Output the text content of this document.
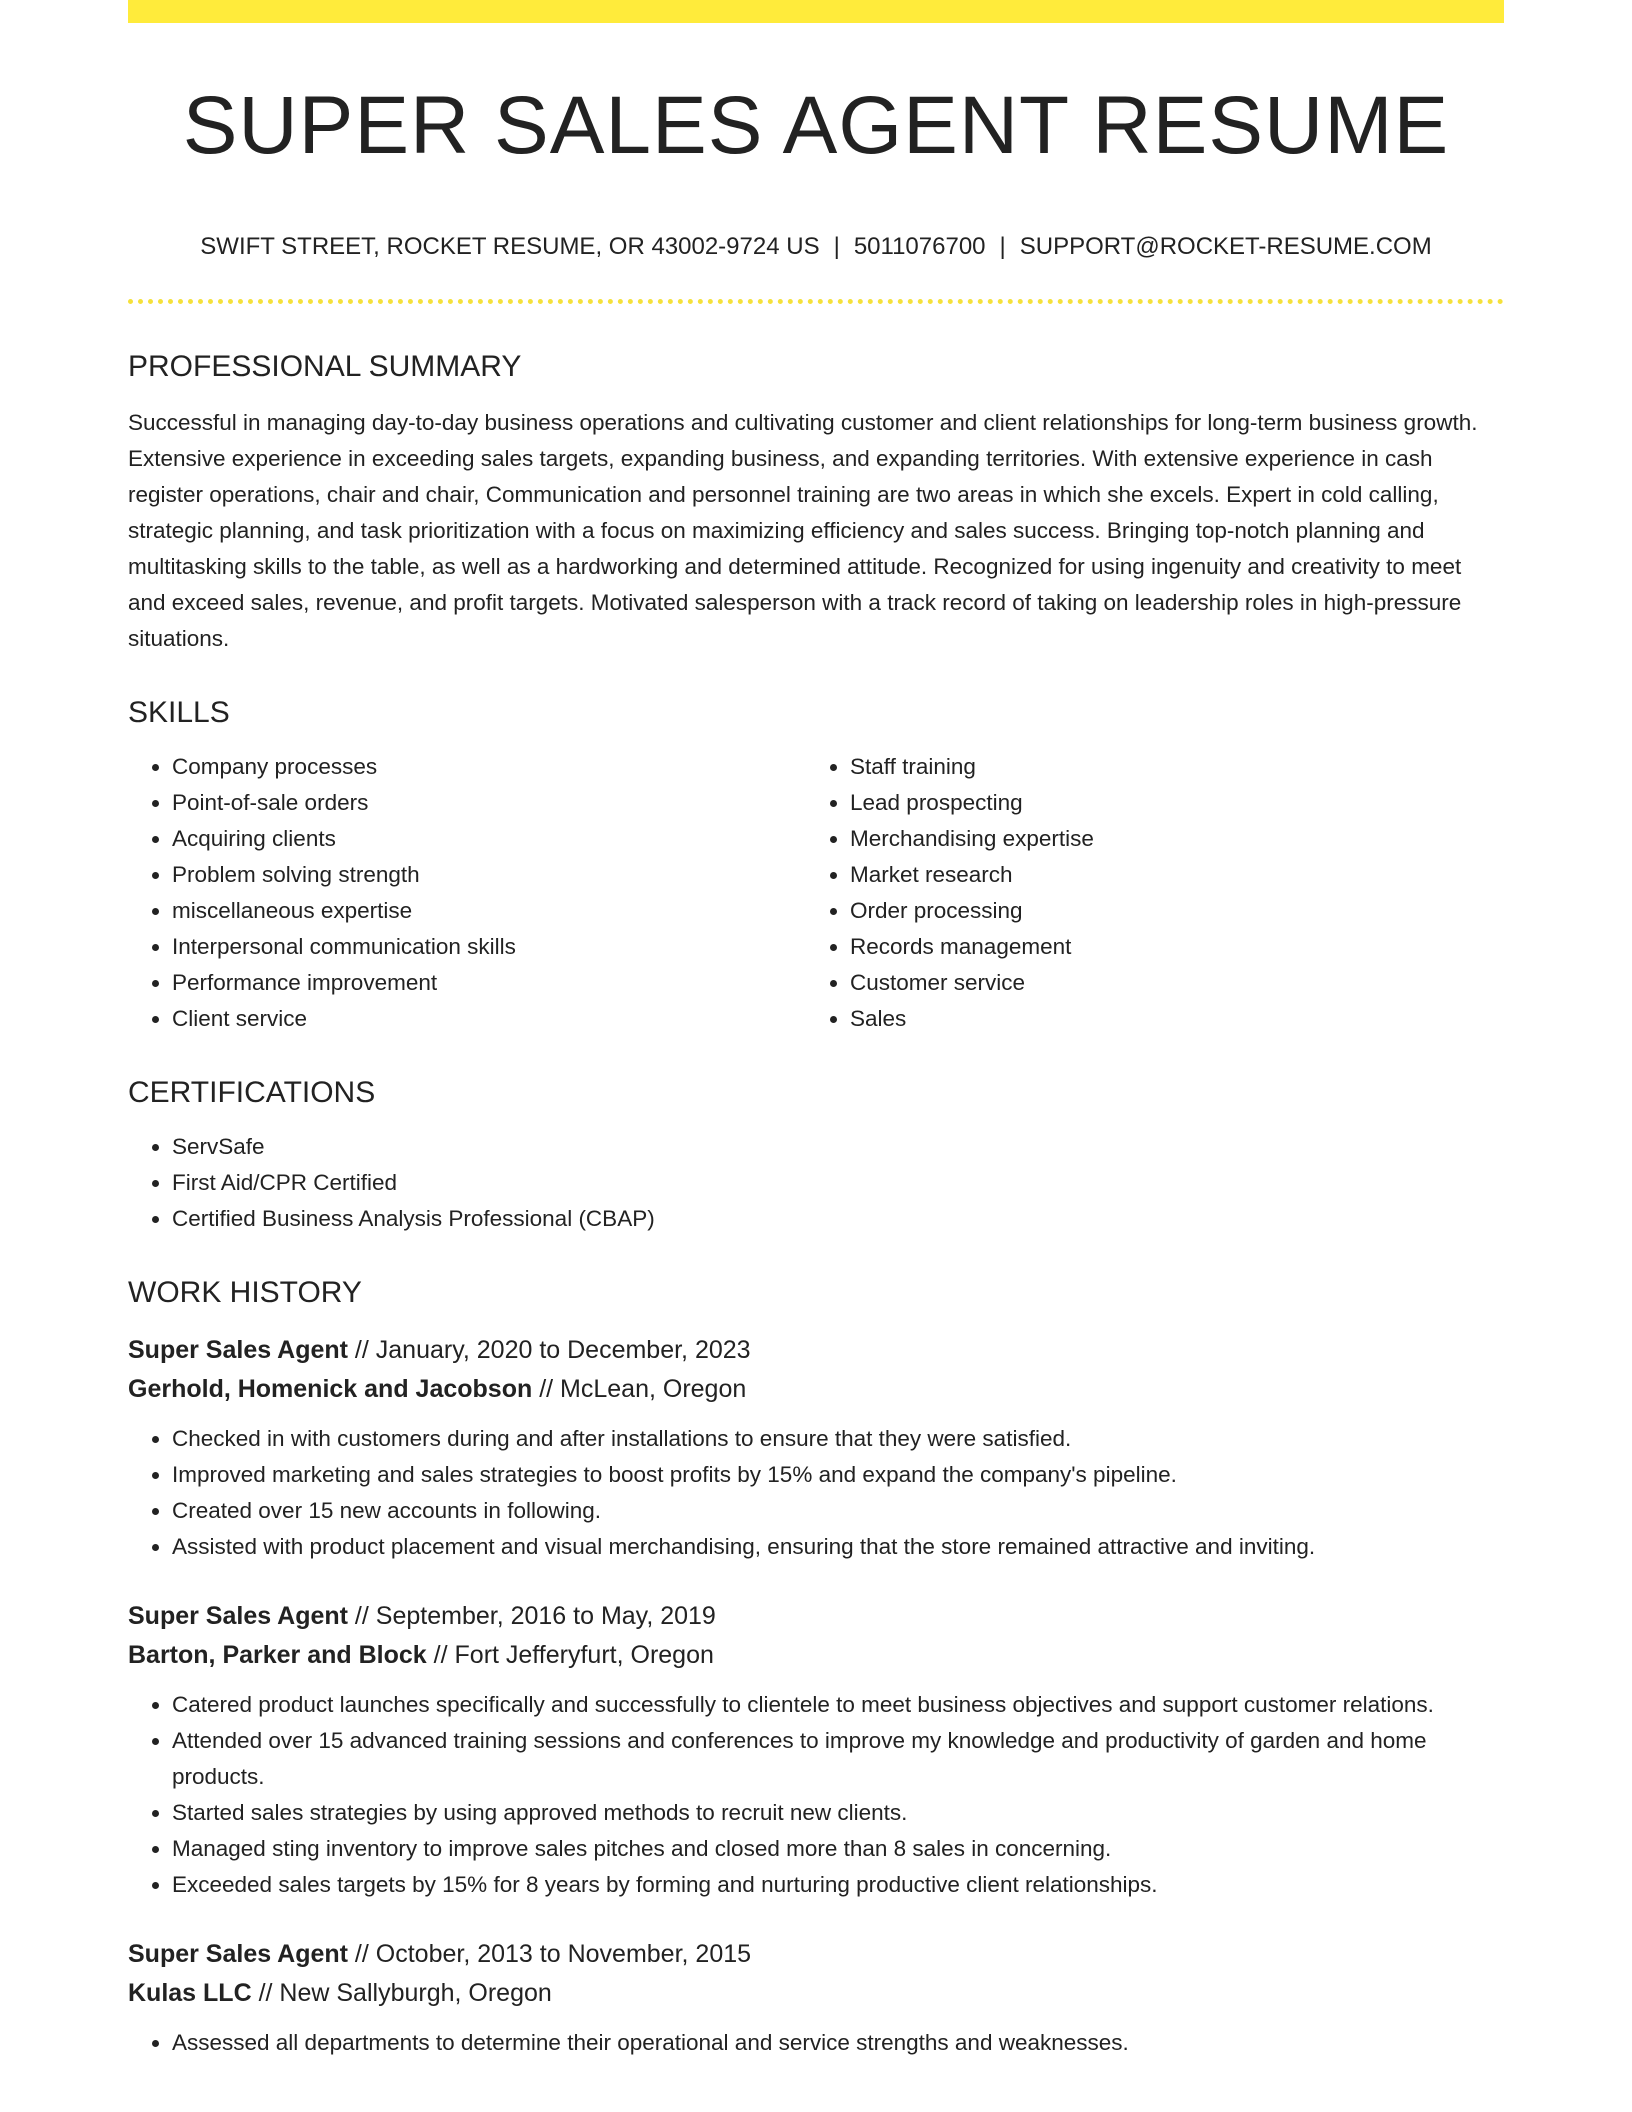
SUPER SALES AGENT RESUME
SWIFT STREET, ROCKET RESUME, OR 43002-9724 US | 5011076700 | SUPPORT@ROCKET-RESUME.COM
PROFESSIONAL SUMMARY

Successful in managing day-to-day business operations and cultivating customer and client relationships for long-term business growth. Extensive experience in exceeding sales targets, expanding business, and expanding territories. With extensive experience in cash register operations, chair and chair, Communication and personnel training are two areas in which she excels. Expert in cold calling, strategic planning, and task prioritization with a focus on maximizing efficiency and sales success. Bringing top-notch planning and multitasking skills to the table, as well as a hardworking and determined attitude. Recognized for using ingenuity and creativity to meet and exceed sales, revenue, and profit targets. Motivated salesperson with a track record of taking on leadership roles in high-pressure situations.

SKILLS
• Company processes
• Point-of-sale orders
• Acquiring clients
• Problem solving strength
• miscellaneous expertise
• Interpersonal communication skills
• Performance improvement
• Client service
• Staff training
• Lead prospecting
• Merchandising expertise
• Market research
• Order processing
• Records management
• Customer service
• Sales
CERTIFICATIONS
• ServSafe
• First Aid/CPR Certified
• Certified Business Analysis Professional (CBAP)
WORK HISTORY
Super Sales Agent // January, 2020 to December, 2023
Gerhold, Homenick and Jacobson // McLean, Oregon
• Checked in with customers during and after installations to ensure that they were satisfied.
• Improved marketing and sales strategies to boost profits by 15% and expand the company's pipeline.
• Created over 15 new accounts in following.
• Assisted with product placement and visual merchandising, ensuring that the store remained attractive and inviting.
Super Sales Agent // September, 2016 to May, 2019
Barton, Parker and Block // Fort Jefferyfurt, Oregon
• Catered product launches specifically and successfully to clientele to meet business objectives and support customer relations.
• Attended over 15 advanced training sessions and conferences to improve my knowledge and productivity of garden and home products.
• Started sales strategies by using approved methods to recruit new clients.
• Managed sting inventory to improve sales pitches and closed more than 8 sales in concerning.
• Exceeded sales targets by 15% for 8 years by forming and nurturing productive client relationships.
Super Sales Agent // October, 2013 to November, 2015
Kulas LLC // New Sallyburgh, Oregon
• Assessed all departments to determine their operational and service strengths and weaknesses.
